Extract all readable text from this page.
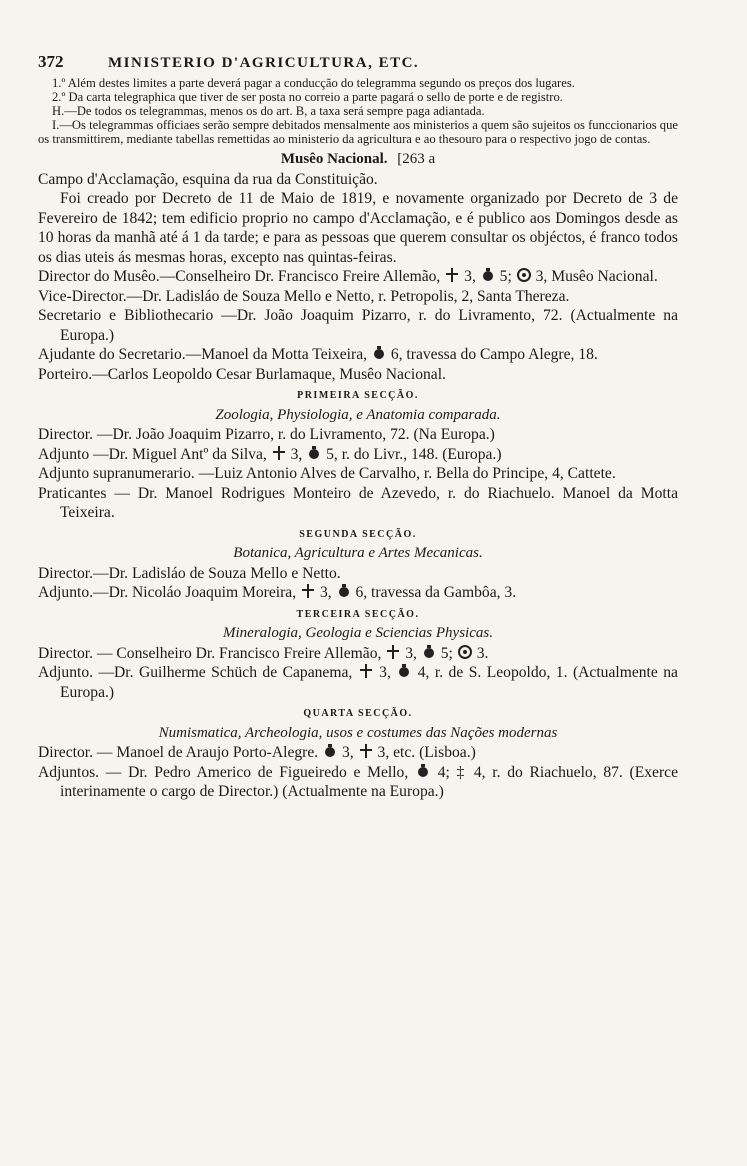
372	MINISTERIO D'AGRICULTURA, ETC.

1.º Além destes limites a parte deverá pagar a conducção do telegramma segundo os preços dos lugares.

2.º Da carta telegraphica que tiver de ser posta no correio a parte pagará o sello de porte e de registro.

H.—De todos os telegrammas, menos os do art. B, a taxa será sempre paga adiantada.

I.—Os telegrammas officiaes serão sempre debitados mensalmente aos ministerios a quem são sujeitos os funccionarios que os transmittirem, mediante tabellas remettidas ao ministerio da agricultura e ao thesouro para o respectivo jogo de contas.

Musêo Nacional. [263 a

Campo d'Acclamação, esquina da rua da Constituição.

Foi creado por Decreto de 11 de Maio de 1819, e novamente organizado por Decreto de 3 de Fevereiro de 1842; tem edificio proprio no campo d'Acclamação, e é publico aos Domingos desde as 10 horas da manhã até á 1 da tarde; e para as pessoas que querem consultar os objéctos, é franco todos os dias uteis ás mesmas horas, excepto nas quintas-feiras.

Director do Musêo.—Conselheiro Dr. Francisco Freire Allemão, 3, 5; 3, Musêo Nacional.

Vice-Director.—Dr. Ladisláo de Souza Mello e Netto, r. Petropolis, 2, Santa Thereza.

Secretario e Bibliothecario —Dr. João Joaquim Pizarro, r. do Livramento, 72. (Actualmente na Europa.)

Ajudante do Secretario.—Manoel da Motta Teixeira, 6, travessa do Campo Alegre, 18.

Porteiro.—Carlos Leopoldo Cesar Burlamaque, Musêo Nacional.

PRIMEIRA SECÇÃO.
Zoologia, Physiologia, e Anatomia comparada.

Director. —Dr. João Joaquim Pizarro, r. do Livramento, 72. (Na Europa.)

Adjunto —Dr. Miguel Antº da Silva, 3, 5, r. do Livr., 148. (Europa.)

Adjunto supranumerario. —Luiz Antonio Alves de Carvalho, r. Bella do Principe, 4, Cattete.

Praticantes — Dr. Manoel Rodrigues Monteiro de Azevedo, r. do Riachuelo. Manoel da Motta Teixeira.

SEGUNDA SECÇÃO.
Botanica, Agricultura e Artes Mecanicas.

Director.—Dr. Ladisláo de Souza Mello e Netto.

Adjunto.—Dr. Nicoláo Joaquim Moreira, 3, 6, travessa da Gambôa, 3.

TERCEIRA SECÇÃO.
Mineralogia, Geologia e Sciencias Physicas.

Director. — Conselheiro Dr. Francisco Freire Allemão, 3, 5; 3.

Adjunto. —Dr. Guilherme Schüch de Capanema, 3, 4, r. de S. Leopoldo, 1. (Actualmente na Europa.)

QUARTA SECÇÃO.
Numismatica, Archeologia, usos e costumes das Nações modernas

Director. — Manoel de Araujo Porto-Alegre. 3, 3, etc. (Lisboa.)

Adjuntos. — Dr. Pedro Americo de Figueiredo e Mello, 4; ‡ 4, r. do Riachuelo, 87. (Exerce interinamente o cargo de Director.) (Actualmente na Europa.)
